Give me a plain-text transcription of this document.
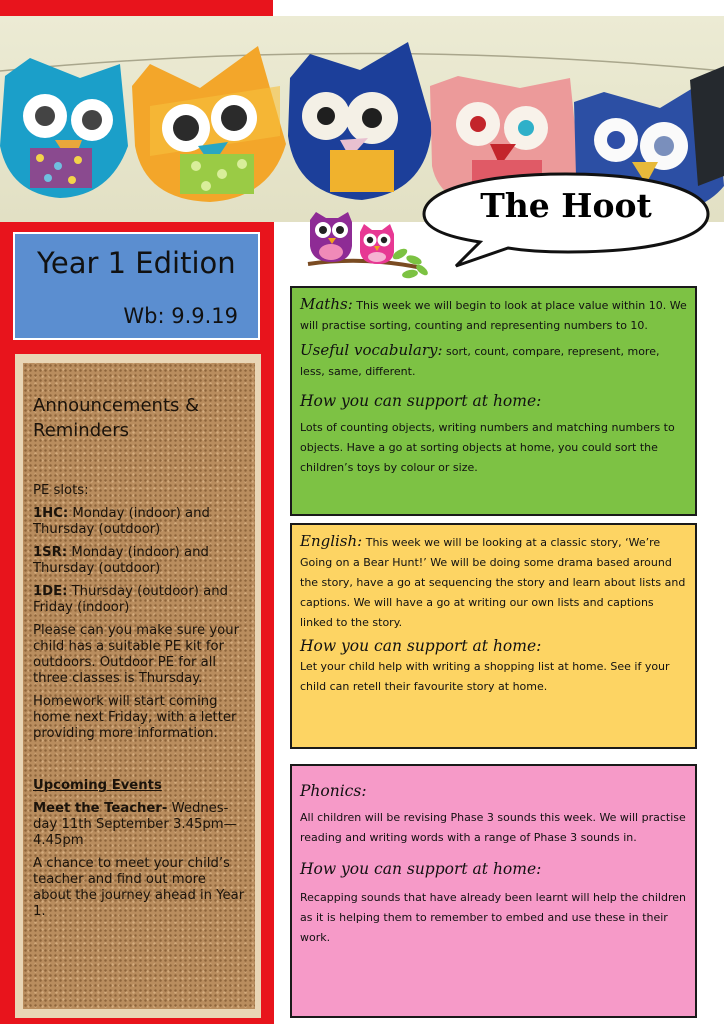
The Hoot
Year 1 Edition
Wb: 9.9.19

Announcements & Reminders

PE slots:

1HC: Monday (indoor) and Thursday (outdoor)

1SR: Monday (indoor) and Thursday (outdoor)

1DE: Thursday (outdoor) and Friday (indoor)

Please can you make sure your child has a suitable PE kit for outdoors. Outdoor PE for all three classes is Thursday.

Homework will start coming home next Friday, with a letter providing more information.

Upcoming Events

Meet the Teacher- Wednes-day 11th September 3.45pm—4.45pm

A chance to meet your child’s teacher and find out more about the journey ahead in Year 1.

Maths: This week we will begin to look at place value within 10. We will practise sorting, counting and representing numbers to 10.

Useful vocabulary: sort, count, compare, represent, more, less, same, different.

How you can support at home:

Lots of counting objects, writing numbers and matching numbers to objects. Have a go at sorting objects at home, you could sort the children’s toys by colour or size.

English: This week we will be looking at a classic story, ‘We’re Going on a Bear Hunt!’ We will be doing some drama based around the story, have a go at sequencing the story and learn about lists and captions. We will have a go at writing our own lists and captions linked to the story.

How you can support at home:

Let your child help with writing a shopping list at home. See if your child can retell their favourite story at home.

Phonics:

All children will be revising Phase 3 sounds this week. We will practise reading and writing words with a range of Phase 3 sounds in.

How you can support at home:

Recapping sounds that have already been learnt will help the children as it is helping them to remember to embed and use these in their work.
